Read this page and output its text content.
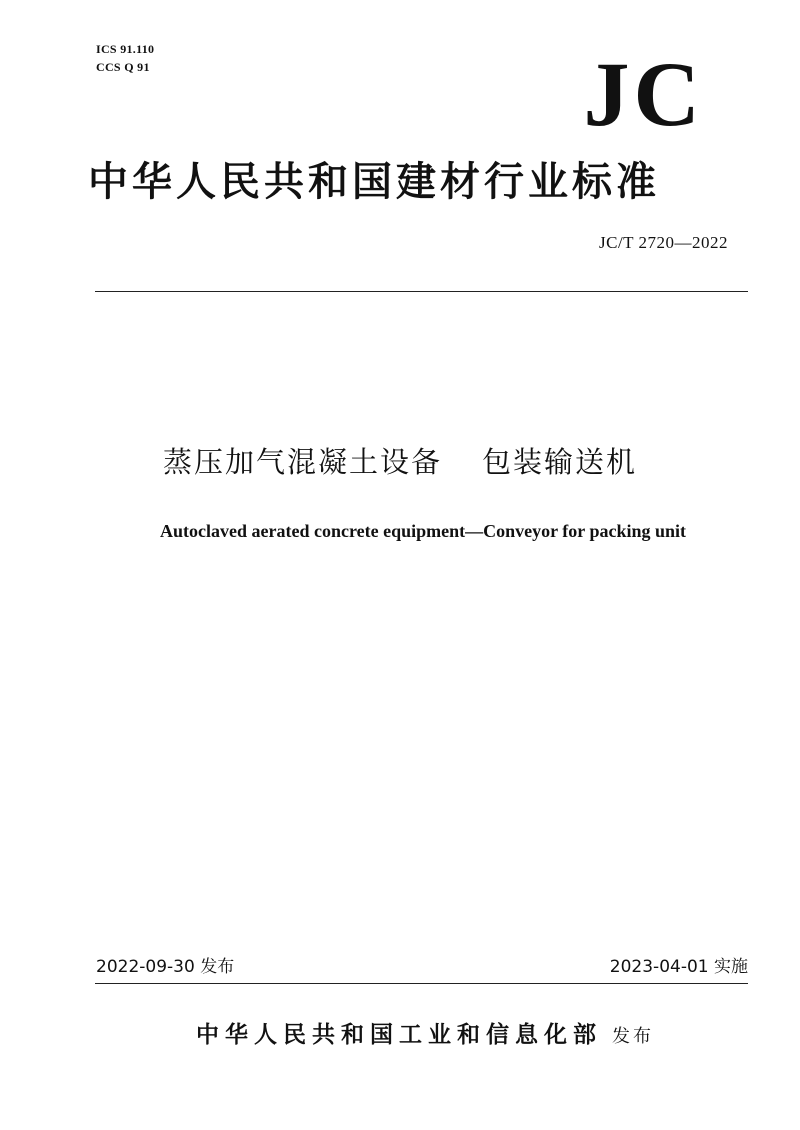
ICS 91.110
CCS Q 91	JC
中华人民共和国建材行业标准
JC/T 2720—2022
蒸压加气混凝土设备 包装输送机
Autoclaved aerated concrete equipment—Conveyor for packing unit
2022-09-30 发布	2023-04-01 实施
中华人民共和国工业和信息化部 发布
